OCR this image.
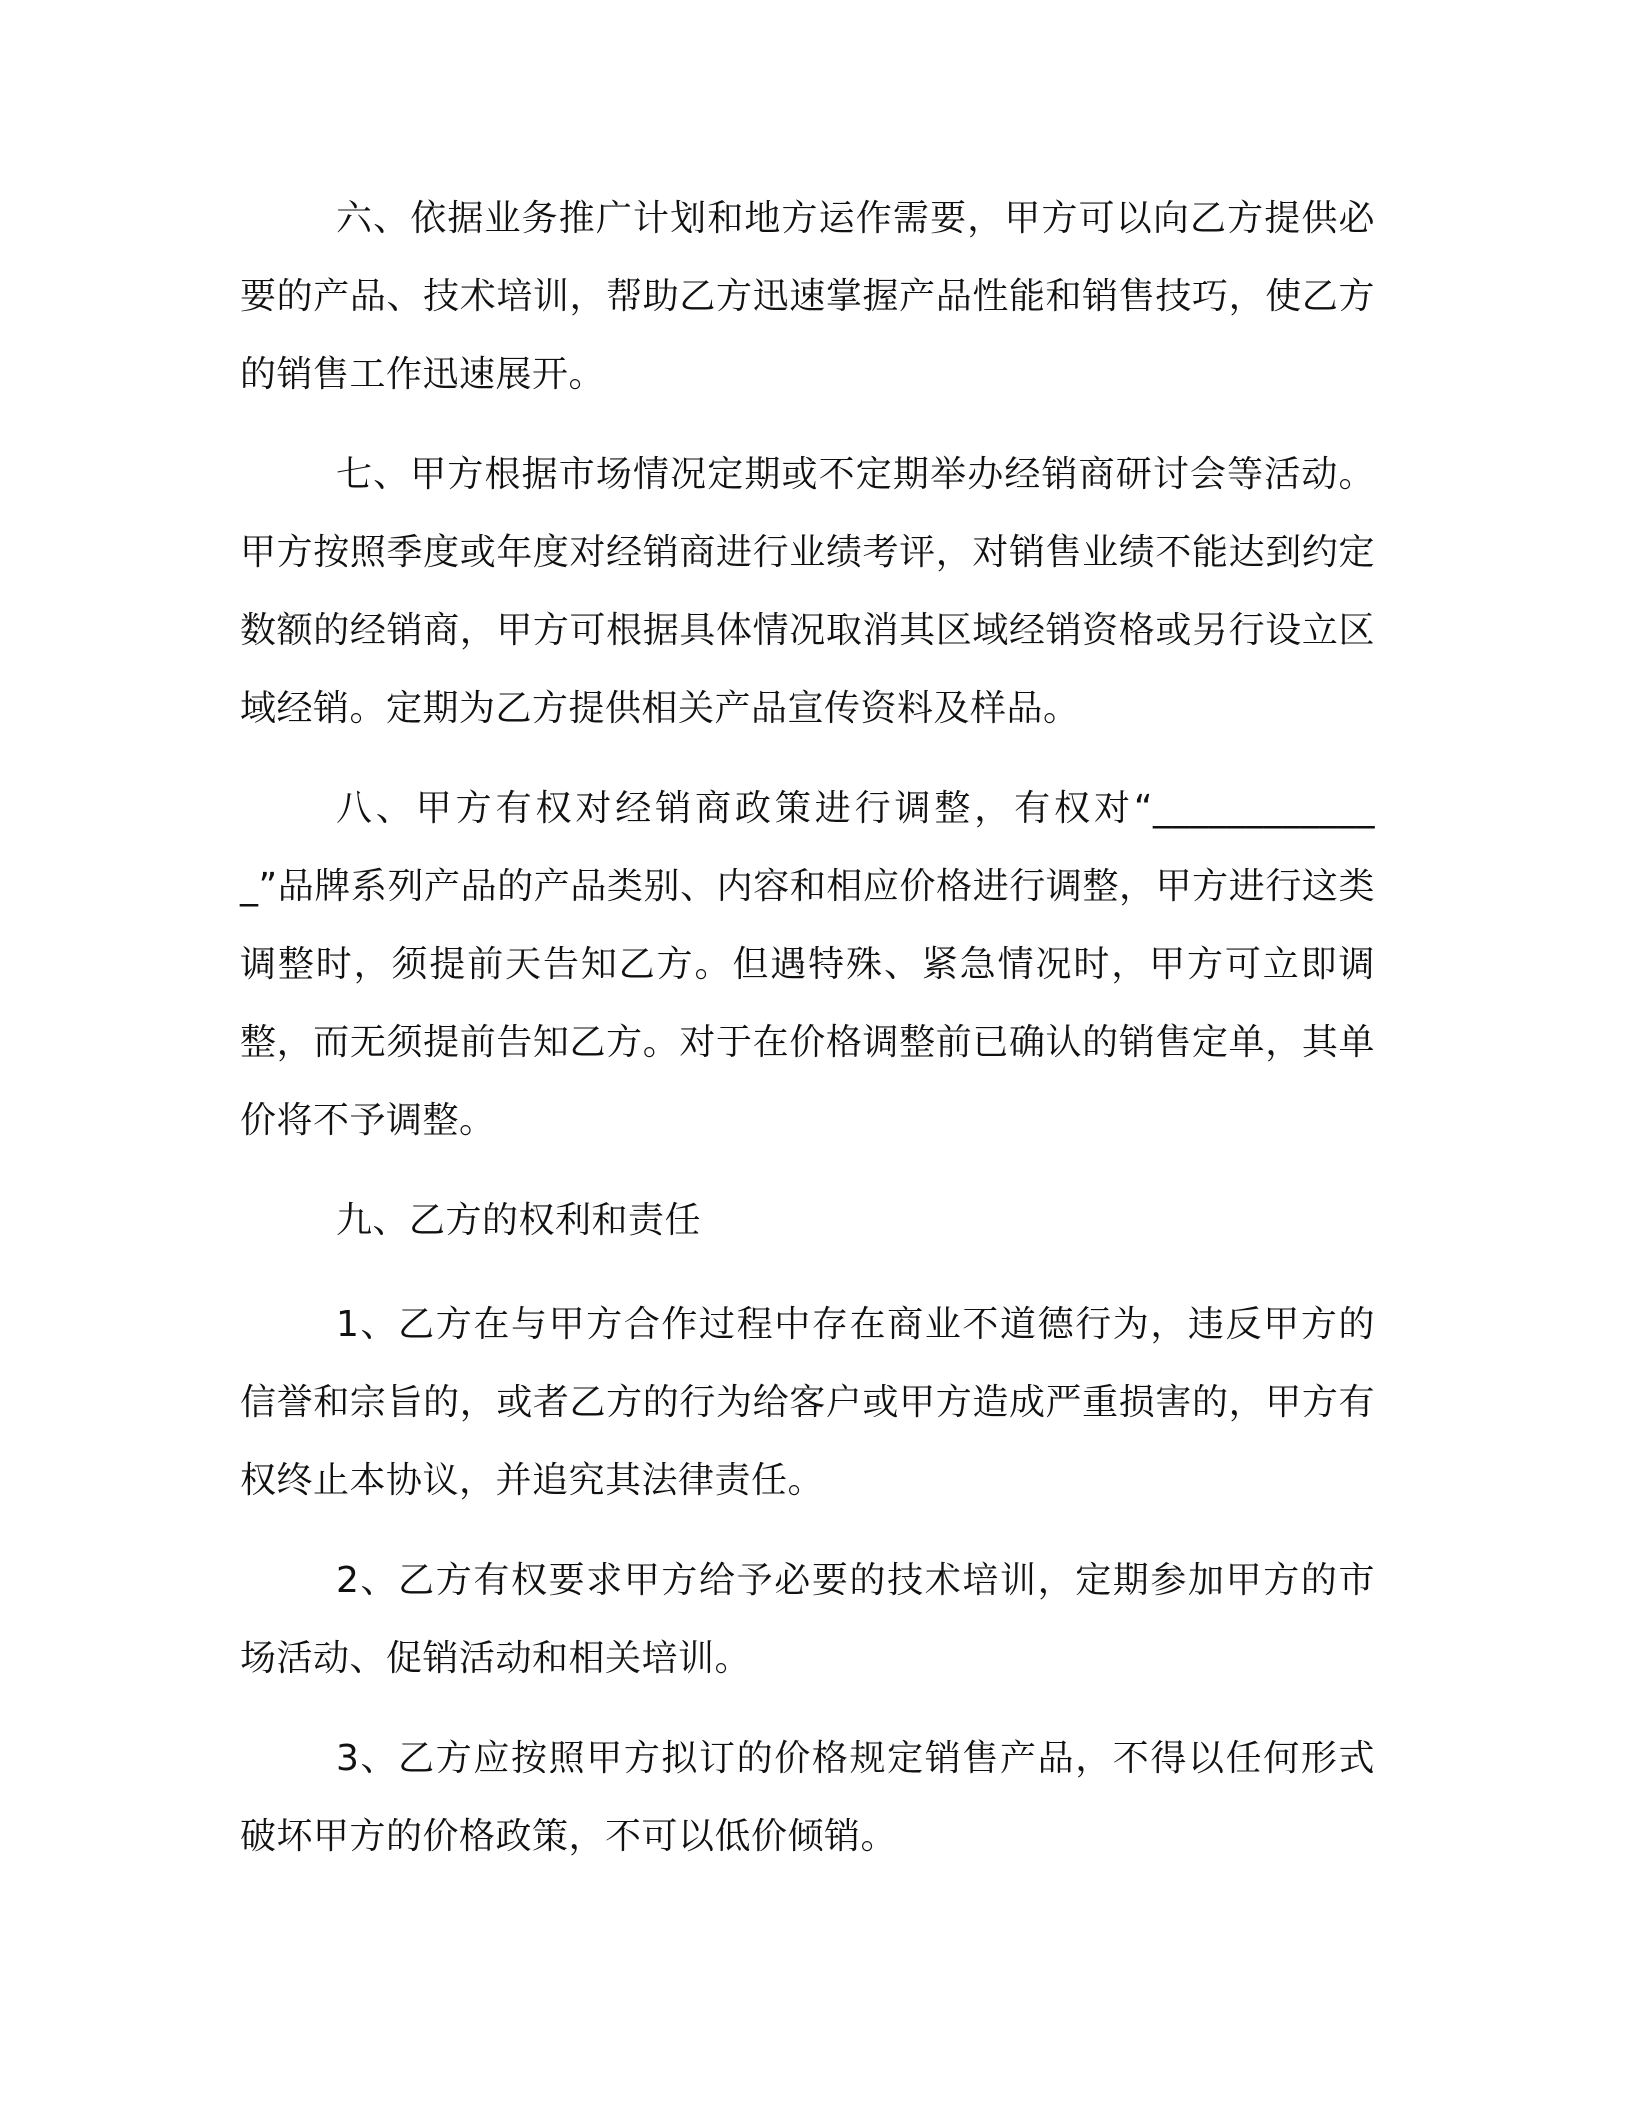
六、依据业务推广计划和地方运作需要，甲方可以向乙方提供必要的产品、技术培训，帮助乙方迅速掌握产品性能和销售技巧，使乙方的销售工作迅速展开。

七、甲方根据市场情况定期或不定期举办经销商研讨会等活动。甲方按照季度或年度对经销商进行业绩考评，对销售业绩不能达到约定数额的经销商，甲方可根据具体情况取消其区域经销资格或另行设立区域经销。定期为乙方提供相关产品宣传资料及样品。

八、甲方有权对经销商政策进行调整，有权对“_____________”品牌系列产品的产品类别、内容和相应价格进行调整，甲方进行这类调整时，须提前天告知乙方。但遇特殊、紧急情况时，甲方可立即调整，而无须提前告知乙方。对于在价格调整前已确认的销售定单，其单价将不予调整。

九、乙方的权利和责任

1、乙方在与甲方合作过程中存在商业不道德行为，违反甲方的信誉和宗旨的，或者乙方的行为给客户或甲方造成严重损害的，甲方有权终止本协议，并追究其法律责任。

2、乙方有权要求甲方给予必要的技术培训，定期参加甲方的市场活动、促销活动和相关培训。

3、乙方应按照甲方拟订的价格规定销售产品，不得以任何形式破坏甲方的价格政策，不可以低价倾销。
